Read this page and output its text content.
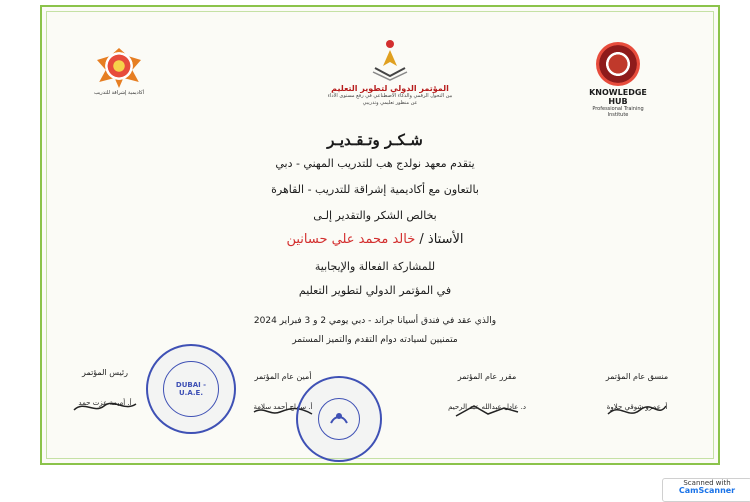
KNOWLEDGE HUB
Professional Training Institute
المؤتمر الدولي لتطوير التعليم
بين التحول الرقمي والذكاء الاصطناعي في رفع مستوى الأداء
عن منظور تعليمي وتدريبي
أكاديمية إشراقة للتدريب
شـكـر وتـقـديـر
يتقدم معهد نولدج هب للتدريب المهني - دبي
بالتعاون مع أكاديمية إشراقة للتدريب - القاهرة
بخالص الشكر والتقدير إلـى
الأستاذ / خالد محمد علي حسانين
للمشاركة الفعالة والإيجابية
في المؤتمر الدولي لتطوير التعليم
والذي عقد في فندق أسيانا جراند - دبي يومي 2 و 3 فبراير 2024
متمنيين لسيادته دوام التقدم والتميز المستمر
رئيس المؤتمر
أ. أميمة عزت حمد
أمين عام المؤتمر
أ. سماح أحمد سلامة
مقرر عام المؤتمر
د. عادل عبدالله عبد الرحيم
منسق عام المؤتمر
أ. عمرو شوقي حلاوة
DUBAI - U.A.E.
Scanned with
CamScanner
